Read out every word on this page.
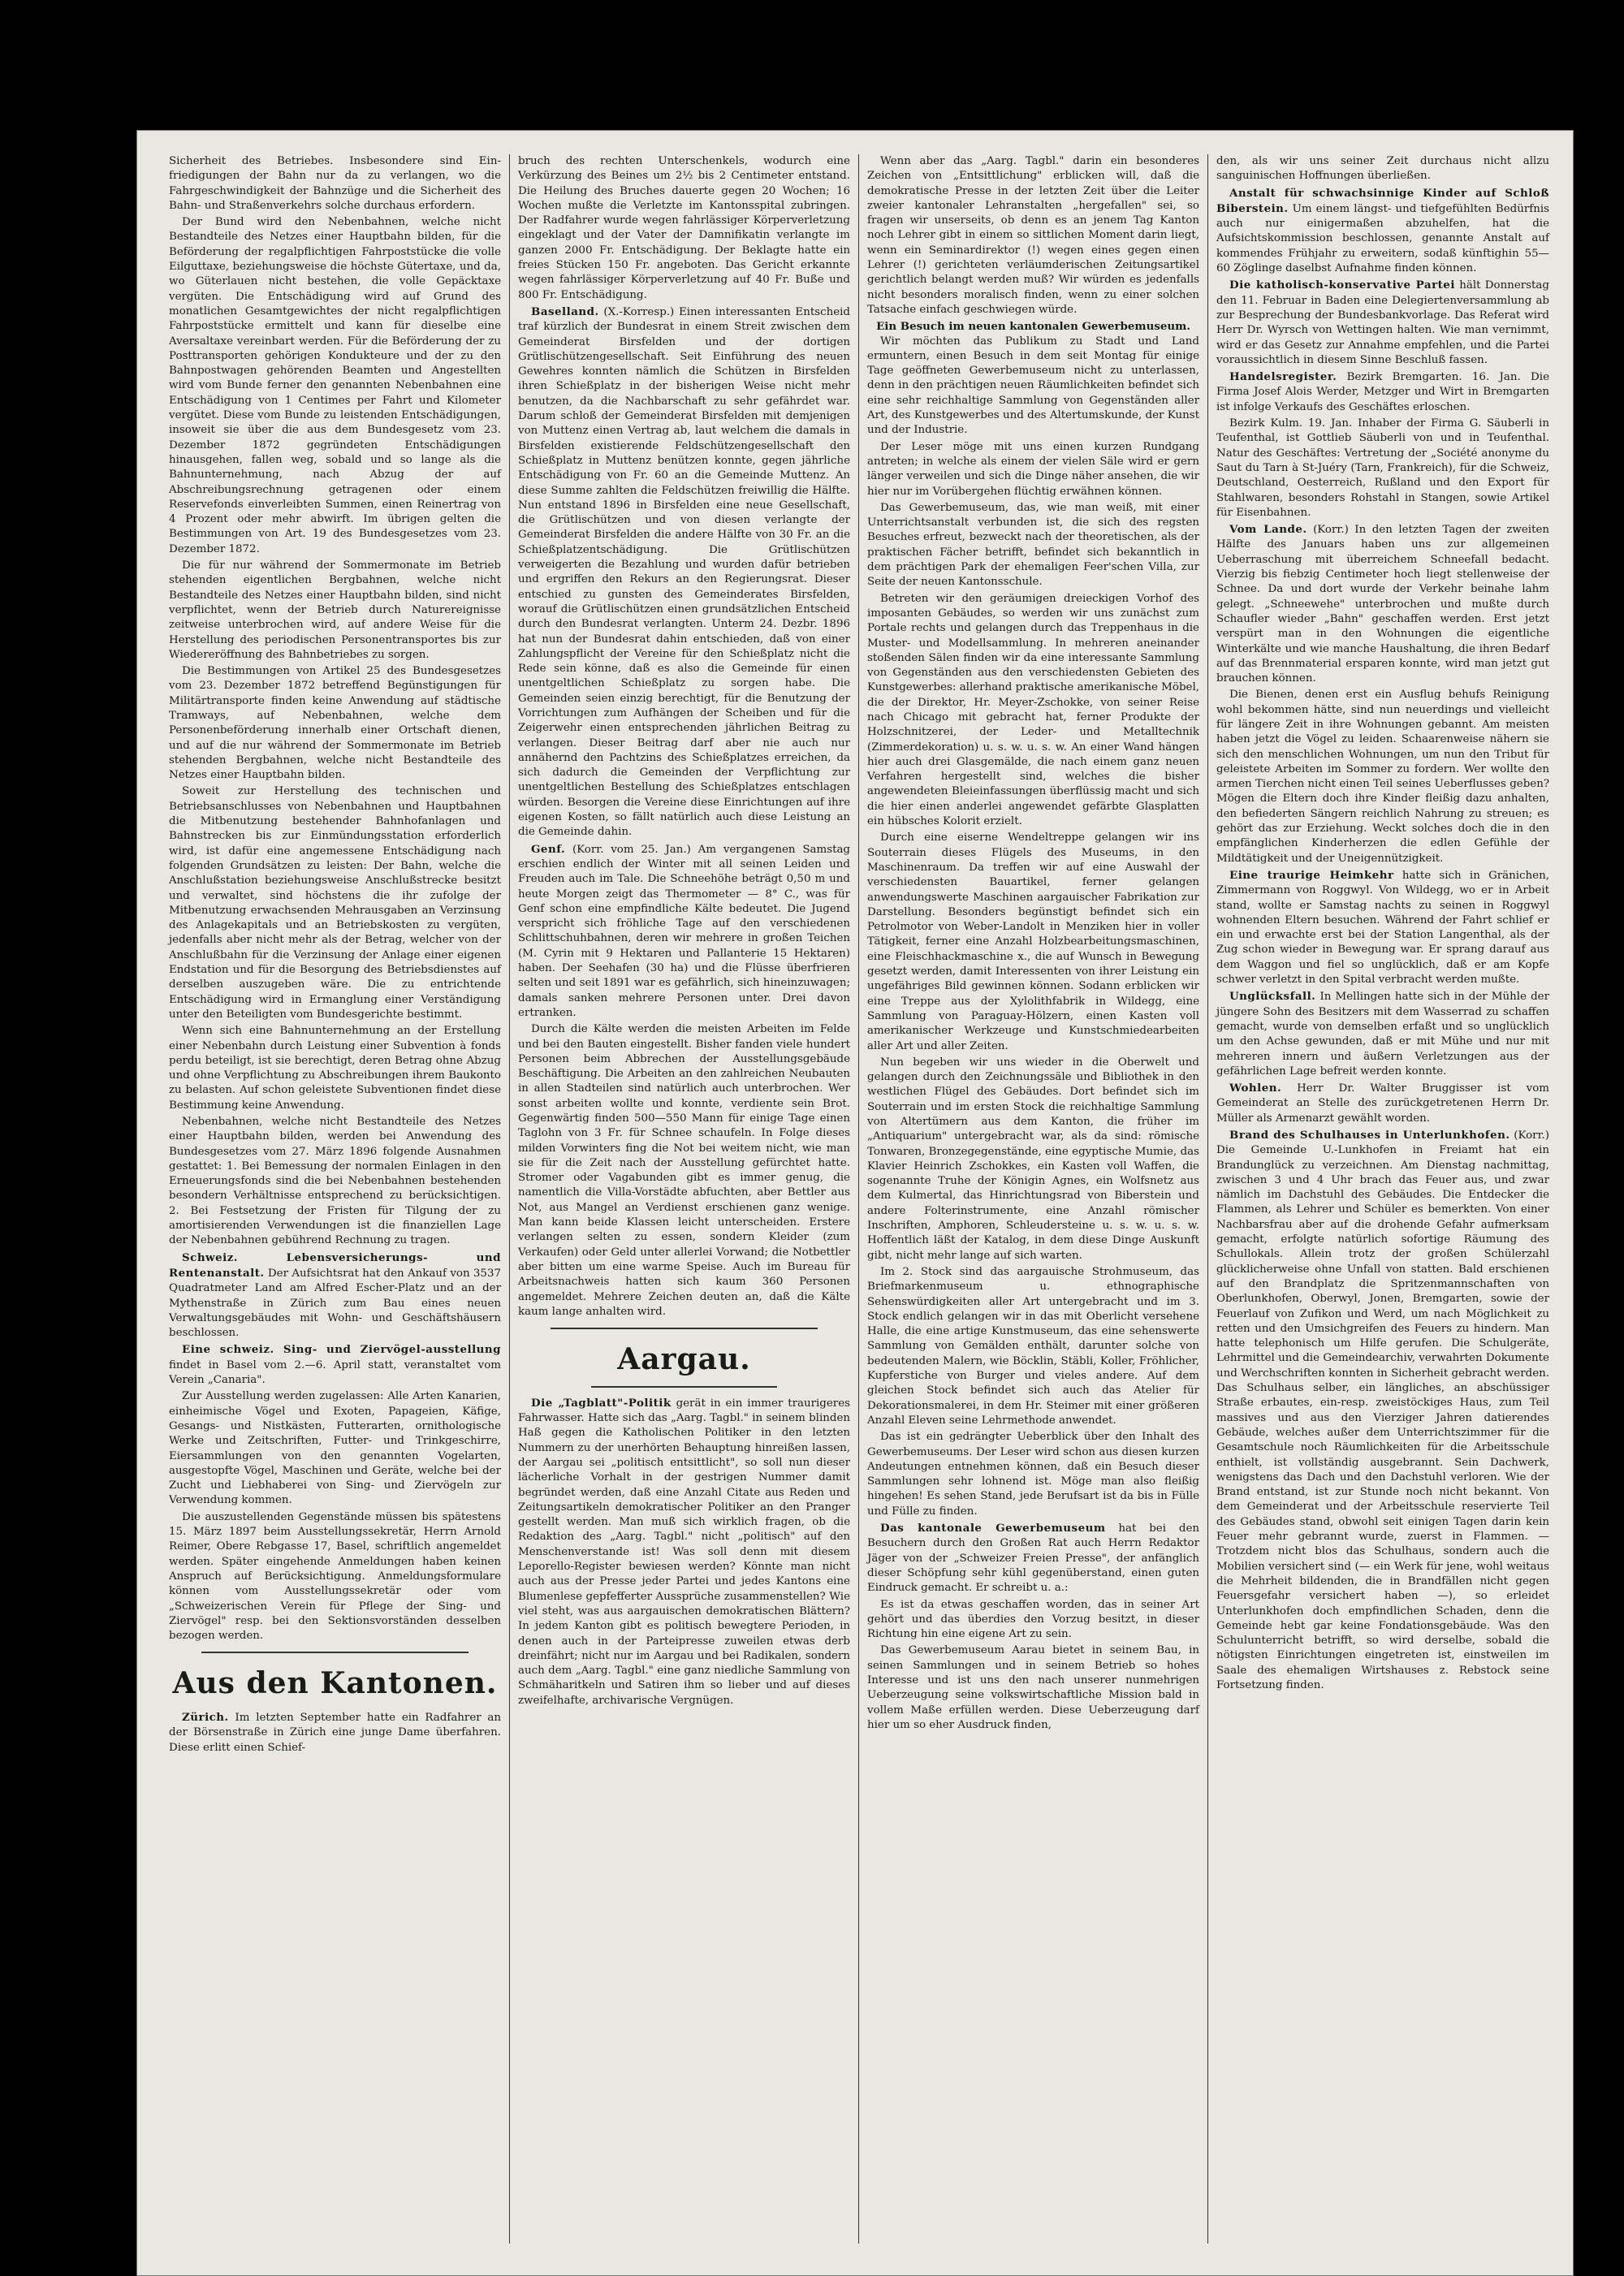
Sicherheit des Betriebes. Insbesondere sind Ein-friedigungen der Bahn nur da zu verlangen, wo die Fahrgeschwindigkeit der Bahnzüge und die Sicherheit des Bahn- und Straßenverkehrs solche durchaus erfordern.

Der Bund wird den Nebenbahnen, welche nicht Bestandteile des Netzes einer Hauptbahn bilden, für die Beförderung der regalpflichtigen Fahrpoststücke die volle Eilguttaxe, beziehungsweise die höchste Gütertaxe, und da, wo Güterlauen nicht bestehen, die volle Gepäcktaxe vergüten. Die Entschädigung wird auf Grund des monatlichen Gesamtgewichtes der nicht regalpflichtigen Fahrpoststücke ermittelt und kann für dieselbe eine Aversaltaxe vereinbart werden. Für die Beförderung der zu Posttransporten gehörigen Kondukteure und der zu den Bahnpostwagen gehörenden Beamten und Angestellten wird vom Bunde ferner den genannten Nebenbahnen eine Entschädigung von 1 Centimes per Fahrt und Kilometer vergütet. Diese vom Bunde zu leistenden Entschädigungen, insoweit sie über die aus dem Bundesgesetz vom 23. Dezember 1872 gegründeten Entschädigungen hinausgehen, fallen weg, sobald und so lange als die Bahnunternehmung, nach Abzug der auf Abschreibungsrechnung getragenen oder einem Reservefonds einverleibten Summen, einen Reinertrag von 4 Prozent oder mehr abwirft. Im übrigen gelten die Bestimmungen von Art. 19 des Bundesgesetzes vom 23. Dezember 1872.

Die für nur während der Sommermonate im Betrieb stehenden eigentlichen Bergbahnen, welche nicht Bestandteile des Netzes einer Hauptbahn bilden, sind nicht verpflichtet, wenn der Betrieb durch Naturereignisse zeitweise unterbrochen wird, auf andere Weise für die Herstellung des periodischen Personentransportes bis zur Wiedereröffnung des Bahnbetriebes zu sorgen.

Die Bestimmungen von Artikel 25 des Bundesgesetzes vom 23. Dezember 1872 betreffend Begünstigungen für Militärtransporte finden keine Anwendung auf städtische Tramways, auf Nebenbahnen, welche dem Personenbeförderung innerhalb einer Ortschaft dienen, und auf die nur während der Sommermonate im Betrieb stehenden Bergbahnen, welche nicht Bestandteile des Netzes einer Hauptbahn bilden.

Soweit zur Herstellung des technischen und Betriebsanschlusses von Nebenbahnen und Hauptbahnen die Mitbenutzung bestehender Bahnhofanlagen und Bahnstrecken bis zur Einmündungsstation erforderlich wird, ist dafür eine angemessene Entschädigung nach folgenden Grundsätzen zu leisten: Der Bahn, welche die Anschlußstation beziehungsweise Anschlußstrecke besitzt und verwaltet, sind höchstens die ihr zufolge der Mitbenutzung erwachsenden Mehrausgaben an Verzinsung des Anlagekapitals und an Betriebskosten zu vergüten, jedenfalls aber nicht mehr als der Betrag, welcher von der Anschlußbahn für die Verzinsung der Anlage einer eigenen Endstation und für die Besorgung des Betriebsdienstes auf derselben auszugeben wäre. Die zu entrichtende Entschädigung wird in Ermanglung einer Verständigung unter den Beteiligten vom Bundesgerichte bestimmt.

Wenn sich eine Bahnunternehmung an der Erstellung einer Nebenbahn durch Leistung einer Subvention à fonds perdu beteiligt, ist sie berechtigt, deren Betrag ohne Abzug und ohne Verpflichtung zu Abschreibungen ihrem Baukonto zu belasten. Auf schon geleistete Subventionen findet diese Bestimmung keine Anwendung.

Nebenbahnen, welche nicht Bestandteile des Netzes einer Hauptbahn bilden, werden bei Anwendung des Bundesgesetzes vom 27. März 1896 folgende Ausnahmen gestattet: 1. Bei Bemessung der normalen Einlagen in den Erneuerungsfonds sind die bei Nebenbahnen bestehenden besondern Verhältnisse entsprechend zu berücksichtigen. 2. Bei Festsetzung der Fristen für Tilgung der zu amortisierenden Verwendungen ist die finanziellen Lage der Nebenbahnen gebührend Rechnung zu tragen.

Schweiz. Lebensversicherungs- und Rentenanstalt. Der Aufsichtsrat hat den Ankauf von 3537 Quadratmeter Land am Alfred Escher-Platz und an der Mythenstraße in Zürich zum Bau eines neuen Verwaltungsgebäudes mit Wohn- und Geschäftshäusern beschlossen.

Eine schweiz. Sing- und Ziervögel-ausstellung findet in Basel vom 2.—6. April statt, veranstaltet vom Verein „Canaria".

Zur Ausstellung werden zugelassen: Alle Arten Kanarien, einheimische Vögel und Exoten, Papageien, Käfige, Gesangs- und Nistkästen, Futterarten, ornithologische Werke und Zeitschriften, Futter- und Trinkgeschirre, Eiersammlungen von den genannten Vogelarten, ausgestopfte Vögel, Maschinen und Geräte, welche bei der Zucht und Liebhaberei von Sing- und Ziervögeln zur Verwendung kommen.

Die auszustellenden Gegenstände müssen bis spätestens 15. März 1897 beim Ausstellungssekretär, Herrn Arnold Reimer, Obere Rebgasse 17, Basel, schriftlich angemeldet werden. Später eingehende Anmeldungen haben keinen Anspruch auf Berücksichtigung. Anmeldungsformulare können vom Ausstellungssekretär oder vom „Schweizerischen Verein für Pflege der Sing- und Ziervögel" resp. bei den Sektionsvorständen desselben bezogen werden.

Aus den Kantonen.

Zürich. Im letzten September hatte ein Radfahrer an der Börsenstraße in Zürich eine junge Dame überfahren. Diese erlitt einen Schief-

bruch des rechten Unterschenkels, wodurch eine Verkürzung des Beines um 2½ bis 2 Centimeter entstand. Die Heilung des Bruches dauerte gegen 20 Wochen; 16 Wochen mußte die Verletzte im Kantonsspital zubringen. Der Radfahrer wurde wegen fahrlässiger Körperverletzung eingeklagt und der Vater der Damnifikatin verlangte im ganzen 2000 Fr. Entschädigung. Der Beklagte hatte ein freies Stücken 150 Fr. angeboten. Das Gericht erkannte wegen fahrlässiger Körperverletzung auf 40 Fr. Buße und 800 Fr. Entschädigung.

Baselland. (X.-Korresp.) Einen interessanten Entscheid traf kürzlich der Bundesrat in einem Streit zwischen dem Gemeinderat Birsfelden und der dortigen Grütlischützengesellschaft. Seit Einführung des neuen Gewehres konnten nämlich die Schützen in Birsfelden ihren Schießplatz in der bisherigen Weise nicht mehr benutzen, da die Nachbarschaft zu sehr gefährdet war. Darum schloß der Gemeinderat Birsfelden mit demjenigen von Muttenz einen Vertrag ab, laut welchem die damals in Birsfelden existierende Feldschützengesellschaft den Schießplatz in Muttenz benützen konnte, gegen jährliche Entschädigung von Fr. 60 an die Gemeinde Muttenz. An diese Summe zahlten die Feldschützen freiwillig die Hälfte. Nun entstand 1896 in Birsfelden eine neue Gesellschaft, die Grütlischützen und von diesen verlangte der Gemeinderat Birsfelden die andere Hälfte von 30 Fr. an die Schießplatzentschädigung. Die Grütlischützen verweigerten die Bezahlung und wurden dafür betrieben und ergriffen den Rekurs an den Regierungsrat. Dieser entschied zu gunsten des Gemeinderates Birsfelden, worauf die Grütlischützen einen grundsätzlichen Entscheid durch den Bundesrat verlangten. Unterm 24. Dezbr. 1896 hat nun der Bundesrat dahin entschieden, daß von einer Zahlungspflicht der Vereine für den Schießplatz nicht die Rede sein könne, daß es also die Gemeinde für einen unentgeltlichen Schießplatz zu sorgen habe. Die Gemeinden seien einzig berechtigt, für die Benutzung der Vorrichtungen zum Aufhängen der Scheiben und für die Zeigerwehr einen entsprechenden jährlichen Beitrag zu verlangen. Dieser Beitrag darf aber nie auch nur annähernd den Pachtzins des Schießplatzes erreichen, da sich dadurch die Gemeinden der Verpflichtung zur unentgeltlichen Bestellung des Schießplatzes entschlagen würden. Besorgen die Vereine diese Einrichtungen auf ihre eigenen Kosten, so fällt natürlich auch diese Leistung an die Gemeinde dahin.

Genf. (Korr. vom 25. Jan.) Am vergangenen Samstag erschien endlich der Winter mit all seinen Leiden und Freuden auch im Tale. Die Schneehöhe beträgt 0,50 m und heute Morgen zeigt das Thermometer — 8° C., was für Genf schon eine empfindliche Kälte bedeutet. Die Jugend verspricht sich fröhliche Tage auf den verschiedenen Schlittschuhbahnen, deren wir mehrere in großen Teichen (M. Cyrin mit 9 Hektaren und Pallanterie 15 Hektaren) haben. Der Seehafen (30 ha) und die Flüsse überfrieren selten und seit 1891 war es gefährlich, sich hineinzuwagen; damals sanken mehrere Personen unter. Drei davon ertranken.

Durch die Kälte werden die meisten Arbeiten im Felde und bei den Bauten eingestellt. Bisher fanden viele hundert Personen beim Abbrechen der Ausstellungsgebäude Beschäftigung. Die Arbeiten an den zahlreichen Neubauten in allen Stadteilen sind natürlich auch unterbrochen. Wer sonst arbeiten wollte und konnte, verdiente sein Brot. Gegenwärtig finden 500—550 Mann für einige Tage einen Taglohn von 3 Fr. für Schnee schaufeln. In Folge dieses milden Vorwinters fing die Not bei weitem nicht, wie man sie für die Zeit nach der Ausstellung gefürchtet hatte. Stromer oder Vagabunden gibt es immer genug, die namentlich die Villa-Vorstädte abfuchten, aber Bettler aus Not, aus Mangel an Verdienst erschienen ganz wenige. Man kann beide Klassen leicht unterscheiden. Erstere verlangen selten zu essen, sondern Kleider (zum Verkaufen) oder Geld unter allerlei Vorwand; die Notbettler aber bitten um eine warme Speise. Auch im Bureau für Arbeitsnachweis hatten sich kaum 360 Personen angemeldet. Mehrere Zeichen deuten an, daß die Kälte kaum lange anhalten wird.

Aargau.

Die „Tagblatt"-Politik gerät in ein immer traurigeres Fahrwasser. Hatte sich das „Aarg. Tagbl." in seinem blinden Haß gegen die Katholischen Politiker in den letzten Nummern zu der unerhörten Behauptung hinreißen lassen, der Aargau sei „politisch entsittlicht", so soll nun dieser lächerliche Vorhalt in der gestrigen Nummer damit begründet werden, daß eine Anzahl Citate aus Reden und Zeitungsartikeln demokratischer Politiker an den Pranger gestellt werden. Man muß sich wirklich fragen, ob die Redaktion des „Aarg. Tagbl." nicht „politisch" auf den Menschenverstande ist! Was soll denn mit diesem Leporello-Register bewiesen werden? Könnte man nicht auch aus der Presse jeder Partei und jedes Kantons eine Blumenlese gepfefferter Aussprüche zusammenstellen? Wie viel steht, was aus aargauischen demokratischen Blättern? In jedem Kanton gibt es politisch bewegtere Perioden, in denen auch in der Parteipresse zuweilen etwas derb dreinfährt; nicht nur im Aargau und bei Radikalen, sondern auch dem „Aarg. Tagbl." eine ganz niedliche Sammlung von Schmäharitkeln und Satiren ihm so lieber und auf dieses zweifelhafte, archivarische Vergnügen.

Wenn aber das „Aarg. Tagbl." darin ein besonderes Zeichen von „Entsittlichung" erblicken will, daß die demokratische Presse in der letzten Zeit über die Leiter zweier kantonaler Lehranstalten „hergefallen" sei, so fragen wir unserseits, ob denn es an jenem Tag Kanton noch Lehrer gibt in einem so sittlichen Moment darin liegt, wenn ein Seminardirektor (!) wegen eines gegen einen Lehrer (!) gerichteten verläumderischen Zeitungsartikel gerichtlich belangt werden muß? Wir würden es jedenfalls nicht besonders moralisch finden, wenn zu einer solchen Tatsache einfach geschwiegen würde.

Ein Besuch im neuen kantonalen Gewerbemuseum.

Wir möchten das Publikum zu Stadt und Land ermuntern, einen Besuch in dem seit Montag für einige Tage geöffneten Gewerbemuseum nicht zu unterlassen, denn in den prächtigen neuen Räumlichkeiten befindet sich eine sehr reichhaltige Sammlung von Gegenständen aller Art, des Kunstgewerbes und des Altertumskunde, der Kunst und der Industrie.

Der Leser möge mit uns einen kurzen Rundgang antreten; in welche als einem der vielen Säle wird er gern länger verweilen und sich die Dinge näher ansehen, die wir hier nur im Vorübergehen flüchtig erwähnen können.

Das Gewerbemuseum, das, wie man weiß, mit einer Unterrichtsanstalt verbunden ist, die sich des regsten Besuches erfreut, bezweckt nach der theoretischen, als der praktischen Fächer betrifft, befindet sich bekanntlich in dem prächtigen Park der ehemaligen Feer'schen Villa, zur Seite der neuen Kantonsschule.

Betreten wir den geräumigen dreieckigen Vorhof des imposanten Gebäudes, so werden wir uns zunächst zum Portale rechts und gelangen durch das Treppenhaus in die Muster- und Modellsammlung. In mehreren aneinander stoßenden Sälen finden wir da eine interessante Sammlung von Gegenständen aus den verschiedensten Gebieten des Kunstgewerbes: allerhand praktische amerikanische Möbel, die der Direktor, Hr. Meyer-Zschokke, von seiner Reise nach Chicago mit gebracht hat, ferner Produkte der Holzschnitzerei, der Leder- und Metalltechnik (Zimmerdekoration) u. s. w. u. s. w. An einer Wand hängen hier auch drei Glasgemälde, die nach einem ganz neuen Verfahren hergestellt sind, welches die bisher angewendeten Bleieinfassungen überflüssig macht und sich die hier einen anderlei angewendet gefärbte Glasplatten ein hübsches Kolorit erzielt.

Durch eine eiserne Wendeltreppe gelangen wir ins Souterrain dieses Flügels des Museums, in den Maschinenraum. Da treffen wir auf eine Auswahl der verschiedensten Bauartikel, ferner gelangen anwendungswerte Maschinen aargauischer Fabrikation zur Darstellung. Besonders begünstigt befindet sich ein Petrolmotor von Weber-Landolt in Menziken hier in voller Tätigkeit, ferner eine Anzahl Holzbearbeitungsmaschinen, eine Fleischhackmaschine x., die auf Wunsch in Bewegung gesetzt werden, damit Interessenten von ihrer Leistung ein ungefähriges Bild gewinnen können. Sodann erblicken wir eine Treppe aus der Xylolithfabrik in Wildegg, eine Sammlung von Paraguay-Hölzern, einen Kasten voll amerikanischer Werkzeuge und Kunstschmiedearbeiten aller Art und aller Zeiten.

Nun begeben wir uns wieder in die Oberwelt und gelangen durch den Zeichnungssäle und Bibliothek in den westlichen Flügel des Gebäudes. Dort befindet sich im Souterrain und im ersten Stock die reichhaltige Sammlung von Altertümern aus dem Kanton, die früher im „Antiquarium" untergebracht war, als da sind: römische Tonwaren, Bronzegegenstände, eine egyptische Mumie, das Klavier Heinrich Zschokkes, ein Kasten voll Waffen, die sogenannte Truhe der Königin Agnes, ein Wolfsnetz aus dem Kulmertal, das Hinrichtungsrad von Biberstein und andere Folterinstrumente, eine Anzahl römischer Inschriften, Amphoren, Schleudersteine u. s. w. u. s. w. Hoffentlich läßt der Katalog, in dem diese Dinge Auskunft gibt, nicht mehr lange auf sich warten.

Im 2. Stock sind das aargauische Strohmuseum, das Briefmarkenmuseum u. ethnographische Sehenswürdigkeiten aller Art untergebracht und im 3. Stock endlich gelangen wir in das mit Oberlicht versehene Halle, die eine artige Kunstmuseum, das eine sehenswerte Sammlung von Gemälden enthält, darunter solche von bedeutenden Malern, wie Böcklin, Stäbli, Koller, Fröhlicher, Kupferstiche von Burger und vieles andere. Auf dem gleichen Stock befindet sich auch das Atelier für Dekorationsmalerei, in dem Hr. Steimer mit einer größeren Anzahl Eleven seine Lehrmethode anwendet.

Das ist ein gedrängter Ueberblick über den Inhalt des Gewerbemuseums. Der Leser wird schon aus diesen kurzen Andeutungen entnehmen können, daß ein Besuch dieser Sammlungen sehr lohnend ist. Möge man also fleißig hingehen! Es sehen Stand, jede Berufsart ist da bis in Fülle und Fülle zu finden.

Das kantonale Gewerbemuseum hat bei den Besuchern durch den Großen Rat auch Herrn Redaktor Jäger von der „Schweizer Freien Presse", der anfänglich dieser Schöpfung sehr kühl gegenüberstand, einen guten Eindruck gemacht. Er schreibt u. a.:

Es ist da etwas geschaffen worden, das in seiner Art gehört und das überdies den Vorzug besitzt, in dieser Richtung hin eine eigene Art zu sein.

Das Gewerbemuseum Aarau bietet in seinem Bau, in seinen Sammlungen und in seinem Betrieb so hohes Interesse und ist uns den nach unserer nunmehrigen Ueberzeugung seine volkswirtschaftliche Mission bald in vollem Maße erfüllen werden. Diese Ueberzeugung darf hier um so eher Ausdruck finden,

den, als wir uns seiner Zeit durchaus nicht allzu sanguinischen Hoffnungen überließen.

Anstalt für schwachsinnige Kinder auf Schloß Biberstein. Um einem längst- und tiefgefühlten Bedürfnis auch nur einigermaßen abzuhelfen, hat die Aufsichtskommission beschlossen, genannte Anstalt auf kommendes Frühjahr zu erweitern, sodaß künftighin 55—60 Zöglinge daselbst Aufnahme finden können.

Die katholisch-konservative Partei hält Donnerstag den 11. Februar in Baden eine Delegiertenversammlung ab zur Besprechung der Bundesbankvorlage. Das Referat wird Herr Dr. Wyrsch von Wettingen halten. Wie man vernimmt, wird er das Gesetz zur Annahme empfehlen, und die Partei voraussichtlich in diesem Sinne Beschluß fassen.

Handelsregister. Bezirk Bremgarten. 16. Jan. Die Firma Josef Alois Werder, Metzger und Wirt in Bremgarten ist infolge Verkaufs des Geschäftes erloschen.

Bezirk Kulm. 19. Jan. Inhaber der Firma G. Säuberli in Teufenthal, ist Gottlieb Säuberli von und in Teufenthal. Natur des Geschäftes: Vertretung der „Société anonyme du Saut du Tarn à St-Juéry (Tarn, Frankreich), für die Schweiz, Deutschland, Oesterreich, Rußland und den Export für Stahlwaren, besonders Rohstahl in Stangen, sowie Artikel für Eisenbahnen.

Vom Lande. (Korr.) In den letzten Tagen der zweiten Hälfte des Januars haben uns zur allgemeinen Ueberraschung mit überreichem Schneefall bedacht. Vierzig bis fiebzig Centimeter hoch liegt stellenweise der Schnee. Da und dort wurde der Verkehr beinahe lahm gelegt. „Schneewehe" unterbrochen und mußte durch Schaufler wieder „Bahn" geschaffen werden. Erst jetzt verspürt man in den Wohnungen die eigentliche Winterkälte und wie manche Haushaltung, die ihren Bedarf auf das Brennmaterial ersparen konnte, wird man jetzt gut brauchen können.

Die Bienen, denen erst ein Ausflug behufs Reinigung wohl bekommen hätte, sind nun neuerdings und vielleicht für längere Zeit in ihre Wohnungen gebannt. Am meisten haben jetzt die Vögel zu leiden. Schaarenweise nähern sie sich den menschlichen Wohnungen, um nun den Tribut für geleistete Arbeiten im Sommer zu fordern. Wer wollte den armen Tierchen nicht einen Teil seines Ueberflusses geben? Mögen die Eltern doch ihre Kinder fleißig dazu anhalten, den befiederten Sängern reichlich Nahrung zu streuen; es gehört das zur Erziehung. Weckt solches doch die in den empfänglichen Kinderherzen die edlen Gefühle der Mildtätigkeit und der Uneigennützigkeit.

Eine traurige Heimkehr hatte sich in Gränichen, Zimmermann von Roggwyl. Von Wildegg, wo er in Arbeit stand, wollte er Samstag nachts zu seinen in Roggwyl wohnenden Eltern besuchen. Während der Fahrt schlief er ein und erwachte erst bei der Station Langenthal, als der Zug schon wieder in Bewegung war. Er sprang darauf aus dem Waggon und fiel so unglücklich, daß er am Kopfe schwer verletzt in den Spital verbracht werden mußte.

Unglücksfall. In Mellingen hatte sich in der Mühle der jüngere Sohn des Besitzers mit dem Wasserrad zu schaffen gemacht, wurde von demselben erfaßt und so unglücklich um den Achse gewunden, daß er mit Mühe und nur mit mehreren innern und äußern Verletzungen aus der gefährlichen Lage befreit werden konnte.

Wohlen. Herr Dr. Walter Bruggisser ist vom Gemeinderat an Stelle des zurückgetretenen Herrn Dr. Müller als Armenarzt gewählt worden.

Brand des Schulhauses in Unterlunkhofen. (Korr.) Die Gemeinde U.-Lunkhofen in Freiamt hat ein Brandunglück zu verzeichnen. Am Dienstag nachmittag, zwischen 3 und 4 Uhr brach das Feuer aus, und zwar nämlich im Dachstuhl des Gebäudes. Die Entdecker die Flammen, als Lehrer und Schüler es bemerkten. Von einer Nachbarsfrau aber auf die drohende Gefahr aufmerksam gemacht, erfolgte natürlich sofortige Räumung des Schullokals. Allein trotz der großen Schülerzahl glücklicherweise ohne Unfall von statten. Bald erschienen auf den Brandplatz die Spritzenmannschaften von Oberlunkhofen, Oberwyl, Jonen, Bremgarten, sowie der Feuerlauf von Zufikon und Werd, um nach Möglichkeit zu retten und den Umsichgreifen des Feuers zu hindern. Man hatte telephonisch um Hilfe gerufen. Die Schulgeräte, Lehrmittel und die Gemeindearchiv, verwahrten Dokumente und Werchschriften konnten in Sicherheit gebracht werden. Das Schulhaus selber, ein längliches, an abschüssiger Straße erbautes, ein-resp. zweistöckiges Haus, zum Teil massives und aus den Vierziger Jahren datierendes Gebäude, welches außer dem Unterrichtszimmer für die Gesamtschule noch Räumlichkeiten für die Arbeitsschule enthielt, ist vollständig ausgebrannt. Sein Dachwerk, wenigstens das Dach und den Dachstuhl verloren. Wie der Brand entstand, ist zur Stunde noch nicht bekannt. Von dem Gemeinderat und der Arbeitsschule reservierte Teil des Gebäudes stand, obwohl seit einigen Tagen darin kein Feuer mehr gebrannt wurde, zuerst in Flammen. — Trotzdem nicht blos das Schulhaus, sondern auch die Mobilien versichert sind (— ein Werk für jene, wohl weitaus die Mehrheit bildenden, die in Brandfällen nicht gegen Feuersgefahr versichert haben —), so erleidet Unterlunkhofen doch empfindlichen Schaden, denn die Gemeinde hebt gar keine Fondationsgebäude. Was den Schulunterricht betrifft, so wird derselbe, sobald die nötigsten Einrichtungen eingetreten ist, einstweilen im Saale des ehemaligen Wirtshauses z. Rebstock seine Fortsetzung finden.
